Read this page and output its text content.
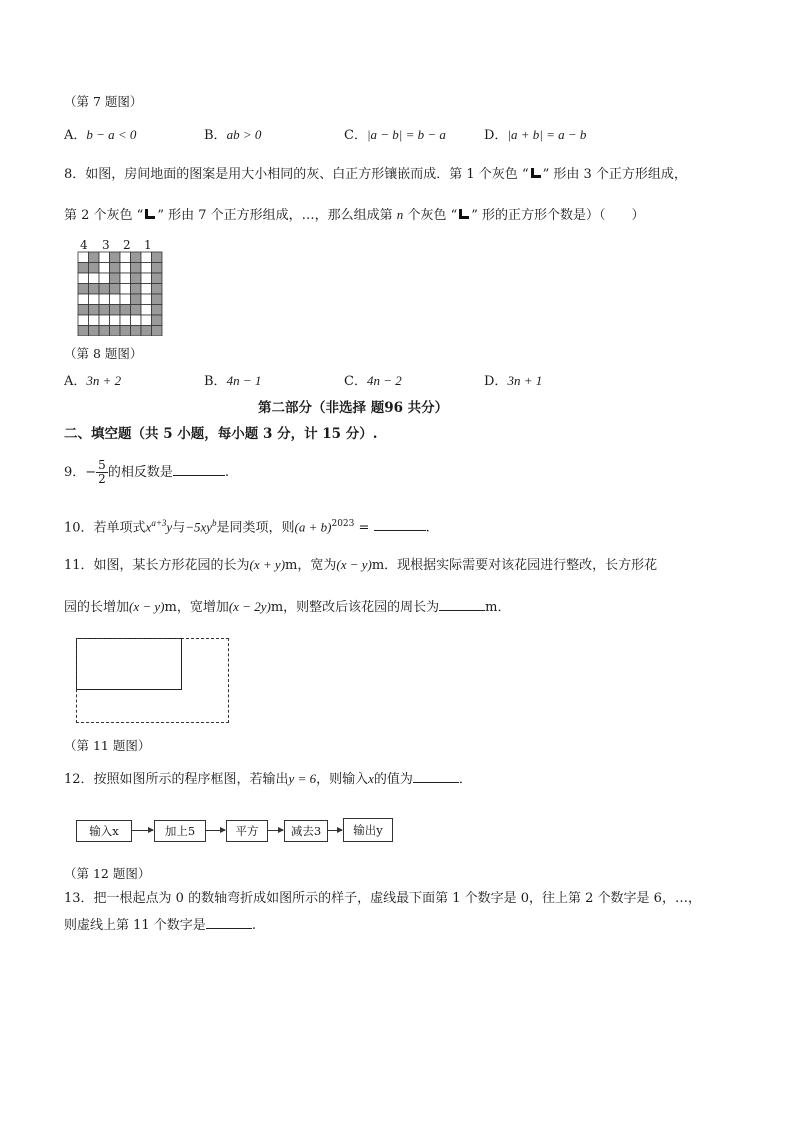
（第 7 题图）
A．b − a < 0	B．ab > 0	C．|a − b| = b − a	D．|a + b| = a − b
8．如图，房间地面的图案是用大小相同的灰、白正方形镶嵌而成．第 1 个灰色 “ ” 形由 3 个正方形组成，
第 2 个灰色 “ ” 形由 7 个正方形组成，…，那么组成第 n 个灰色 “ ” 形的正方形个数是）（　　）
4 3 2 1
（第 8 题图）
A．3n + 2	B．4n − 1	C．4n − 2	D．3n + 1
第二部分（非选择 题96 共分）
二、填空题（共 5 小题，每小题 3 分，计 15 分）.
9．− $\frac{5}{2}$ 的相反数是	.
10．若单项式$x^{a+3}y$与$-5xy^b$是同类项，则$(a + b)^{2023}$ =	.
11．如图，某长方形花园的长为(x + y)m，宽为(x − y)m．现根据实际需要对该花园进行整改，长方形花
园的长增加(x − y)m，宽增加(x − 2y)m，则整改后该花园的周长为	m．
（第 11 题图）
12．按照如图所示的程序框图，若输出y = 6，则输入x的值为	．
输入x	加上5	平方	减去3	输出y
（第 12 题图）
13．把一根起点为 0 的数轴弯折成如图所示的样子，虚线最下面第 1 个数字是 0，往上第 2 个数字是 6，…，
则虚线上第 11 个数字是	.
